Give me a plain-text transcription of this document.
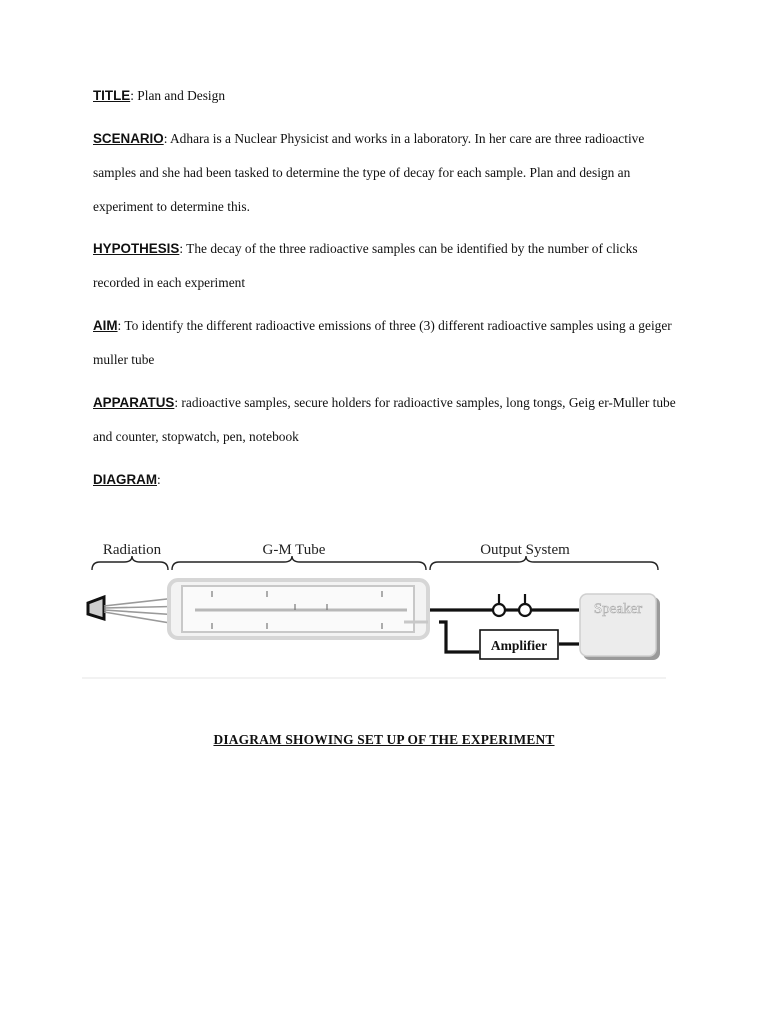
TITLE: Plan and Design

SCENARIO: Adhara is a Nuclear Physicist and works in a laboratory. In her care are three radioactive samples and she had been tasked to determine the type of decay for each sample. Plan and design an experiment to determine this.

HYPOTHESIS: The decay of the three radioactive samples can be identified by the number of clicks recorded in each experiment

AIM: To identify the different radioactive emissions of three (3) different radioactive samples using a geiger muller tube

APPARATUS: radioactive samples, secure holders for radioactive samples, long tongs, Geig er-Muller tube and counter, stopwatch, pen, notebook

DIAGRAM:

Radiation	G-M Tube	Output System
Amplifier
Speaker
DIAGRAM SHOWING SET UP OF THE EXPERIMENT
